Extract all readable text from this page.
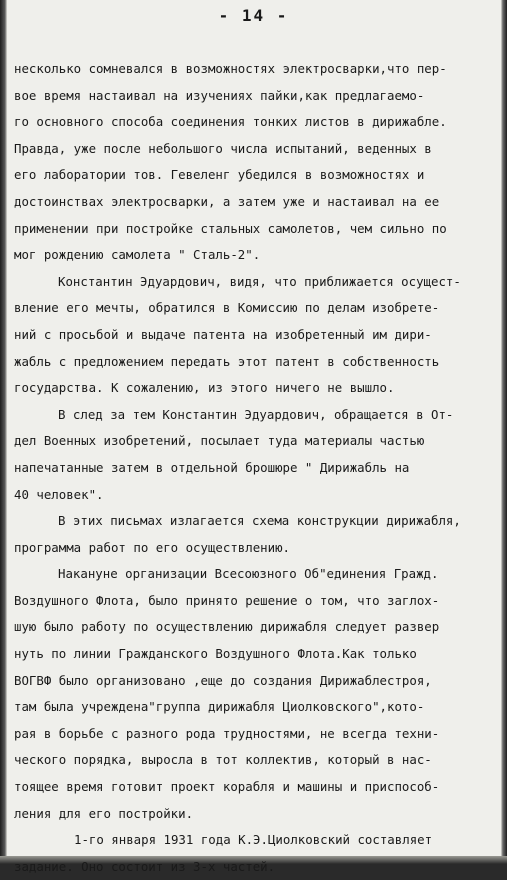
- 14 -
несколько сомневался в возможностях электросварки,что пер-
вое время настаивал на изучениях пайки,как предлагаемо-
го основного способа соединения тонких листов в дирижабле.
Правда, уже после небольшого числа испытаний, веденных в
его лаборатории тов. Гевеленг убедился в возможностях и
достоинствах электросварки, а затем уже и настаивал на ее
применении при постройке стальных самолетов, чем сильно по
мог рождению самолета " Сталь-2".
Константин Эдуардович, видя, что приближается осущест-
вление его мечты, обратился в Комиссию по делам изобрете-
ний с просьбой и выдаче патента на изобретенный им дири-
жабль с предложением передать этот патент в собственность
государства. К сожалению, из этого ничего не вышло.
В след за тем Константин Эдуардович, обращается в От-
дел Военных изобретений, посылает туда материалы частью
напечатанные затем в отдельной брошюре " Дирижабль на
40 человек".
В этих письмах излагается схема конструкции дирижабля,
программа работ по его осуществлению.
Накануне организации Всесоюзного Об"единения Гражд.
Воздушного Флота, было принято решение о том, что заглох-
шую было работу по осуществлению дирижабля следует развер
нуть по линии Гражданского Воздушного Флота.Как только
ВОГВФ было организовано ,еще до создания Дирижаблестроя,
там была учреждена"группа дирижабля Циолковского",кото-
рая в борьбе с разного рода трудностями, не всегда техни-
ческого порядка, выросла в тот коллектив, который в нас-
тоящее время готовит проект корабля и машины и приспособ-
ления для его постройки.
1-го января 1931 года К.Э.Циолковский составляет
задание. Оно состоит из 3-х частей.
